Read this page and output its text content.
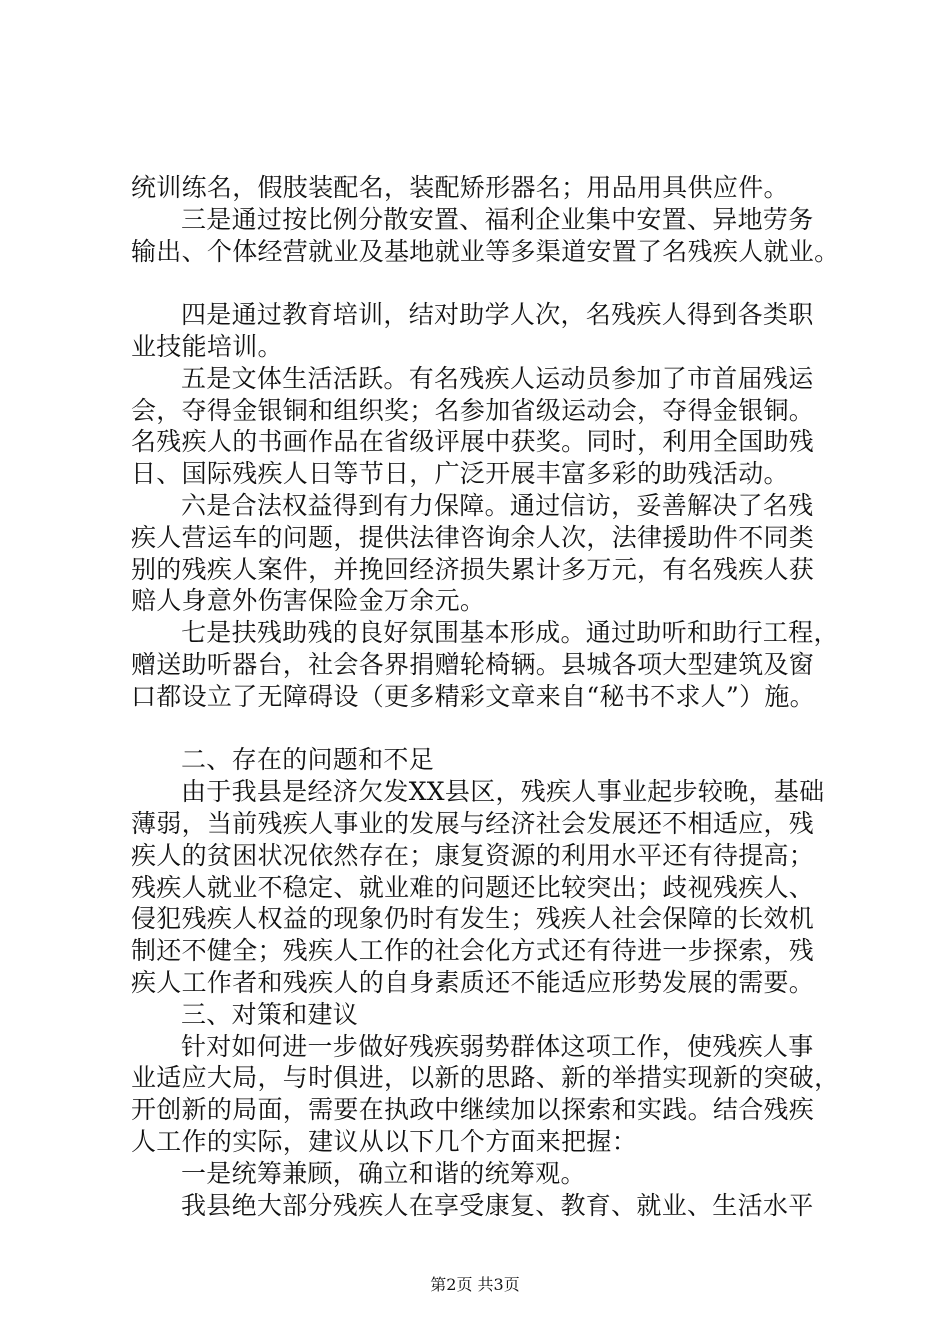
统训练名，假肢装配名，装配矫形器名；用品用具供应件。
三是通过按比例分散安置、福利企业集中安置、异地劳务
输出、个体经营就业及基地就业等多渠道安置了名残疾人就业。
四是通过教育培训，结对助学人次，名残疾人得到各类职
业技能培训。
五是文体生活活跃。有名残疾人运动员参加了市首届残运
会，夺得金银铜和组织奖；名参加省级运动会，夺得金银铜。
名残疾人的书画作品在省级评展中获奖。同时，利用全国助残
日、国际残疾人日等节日，广泛开展丰富多彩的助残活动。
六是合法权益得到有力保障。通过信访，妥善解决了名残
疾人营运车的问题，提供法律咨询余人次，法律援助件不同类
别的残疾人案件，并挽回经济损失累计多万元，有名残疾人获
赔人身意外伤害保险金万余元。
七是扶残助残的良好氛围基本形成。通过助听和助行工程，
赠送助听器台，社会各界捐赠轮椅辆。县城各项大型建筑及窗
口都设立了无障碍设（更多精彩文章来自“秘书不求人”）施。
二、存在的问题和不足
由于我县是经济欠发XX县区，残疾人事业起步较晚，基础
薄弱，当前残疾人事业的发展与经济社会发展还不相适应，残
疾人的贫困状况依然存在；康复资源的利用水平还有待提高；
残疾人就业不稳定、就业难的问题还比较突出；歧视残疾人、
侵犯残疾人权益的现象仍时有发生；残疾人社会保障的长效机
制还不健全；残疾人工作的社会化方式还有待进一步探索，残
疾人工作者和残疾人的自身素质还不能适应形势发展的需要。
三、对策和建议
针对如何进一步做好残疾弱势群体这项工作，使残疾人事
业适应大局，与时俱进，以新的思路、新的举措实现新的突破，
开创新的局面，需要在执政中继续加以探索和实践。结合残疾
人工作的实际，建议从以下几个方面来把握：
一是统筹兼顾，确立和谐的统筹观。
我县绝大部分残疾人在享受康复、教育、就业、生活水平
第2页 共3页
